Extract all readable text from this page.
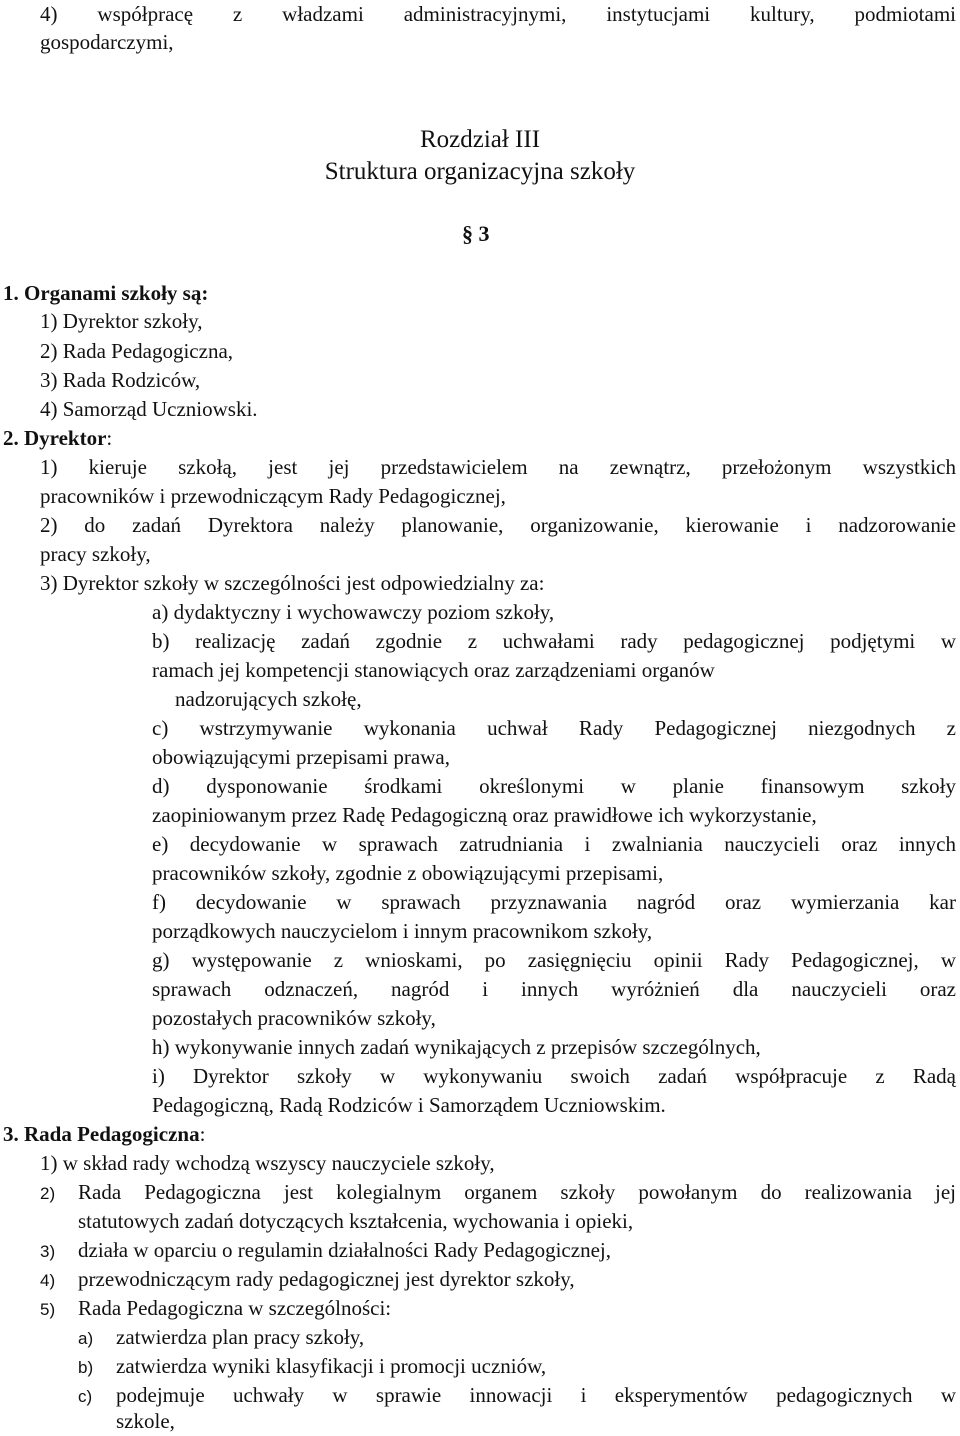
4) współpracę z władzami administracyjnymi, instytucjami kultury, podmiotami
gospodarczymi,
Rozdział III
Struktura organizacyjna szkoły
§ 3
1. Organami szkoły są:
1) Dyrektor szkoły,
2) Rada Pedagogiczna,
3) Rada Rodziców,
4) Samorząd Uczniowski.
2. Dyrektor:
1) kieruje szkołą, jest jej przedstawicielem na zewnątrz, przełożonym wszystkich
pracowników i przewodniczącym Rady Pedagogicznej,
2) do zadań Dyrektora należy planowanie, organizowanie, kierowanie i nadzorowanie
pracy szkoły,
3) Dyrektor szkoły w szczególności jest odpowiedzialny za:
a) dydaktyczny i wychowawczy poziom szkoły,
b) realizację zadań zgodnie z uchwałami rady pedagogicznej podjętymi w
ramach jej kompetencji stanowiących oraz zarządzeniami organów
nadzorujących szkołę,
c) wstrzymywanie wykonania uchwał Rady Pedagogicznej niezgodnych z
obowiązującymi przepisami prawa,
d) dysponowanie środkami określonymi w planie finansowym szkoły
zaopiniowanym przez Radę Pedagogiczną oraz prawidłowe ich wykorzystanie,
e) decydowanie w sprawach zatrudniania i zwalniania nauczycieli oraz innych
pracowników szkoły, zgodnie z obowiązującymi przepisami,
f) decydowanie w sprawach przyznawania nagród oraz wymierzania kar
porządkowych nauczycielom i innym pracownikom szkoły,
g) występowanie z wnioskami, po zasięgnięciu opinii Rady Pedagogicznej, w
sprawach odznaczeń, nagród i innych wyróżnień dla nauczycieli oraz
pozostałych pracowników szkoły,
h) wykonywanie innych zadań wynikających z przepisów szczególnych,
i) Dyrektor szkoły w wykonywaniu swoich zadań współpracuje z Radą
Pedagogiczną, Radą Rodziców i Samorządem Uczniowskim.
3. Rada Pedagogiczna:
1) w skład rady wchodzą wszyscy nauczyciele szkoły,
2) Rada Pedagogiczna jest kolegialnym organem szkoły powołanym do realizowania jej
statutowych zadań dotyczących kształcenia, wychowania i opieki,
3) działa w oparciu o regulamin działalności Rady Pedagogicznej,
4) przewodniczącym rady pedagogicznej jest dyrektor szkoły,
5) Rada Pedagogiczna w szczególności:
a) zatwierdza plan pracy szkoły,
b) zatwierdza wyniki klasyfikacji i promocji uczniów,
c) podejmuje uchwały w sprawie innowacji i eksperymentów pedagogicznych w
szkole,
